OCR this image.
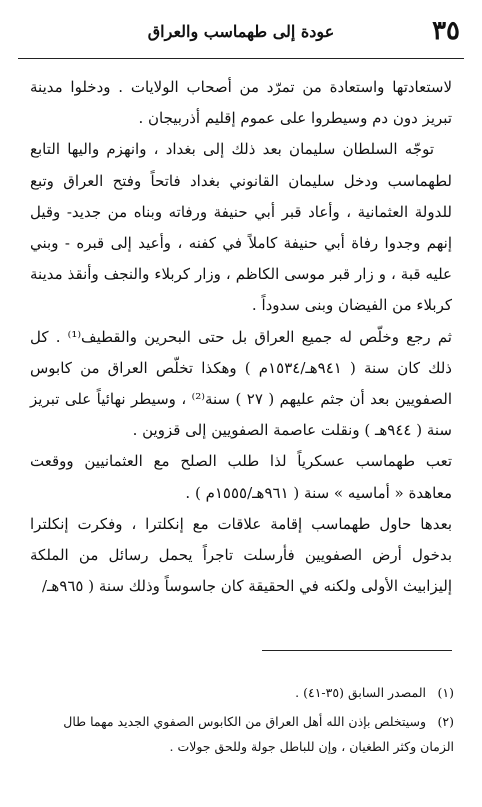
٣٥
عودة إلى طهماسب والعراق

لاستعادتها واستعادة من تمرّد من أصحاب الولايات . ودخلوا مدينة تبريز دون دم وسيطروا على عموم إقليم أذربيجان .

توجّه السلطان سليمان بعد ذلك إلى بغداد ، وانهزم واليها التابع لطهماسب ودخل سليمان القانوني بغداد فاتحاً وفتح العراق وتبع للدولة العثمانية ، وأعاد قبر أبي حنيفة ورفاته وبناه من جديد- وقيل إنهم وجدوا رفاة أبي حنيفة كاملاً في كفنه ، وأعيد إلى قبره - وبني عليه قبة ، و زار قبر موسى الكاظم ، وزار كربلاء والنجف وأنقذ مدينة كربلاء من الفيضان وبنى سدوداً .

ثم رجع وخلّص له جميع العراق بل حتى البحرين والقطيف⁽¹⁾ . كل ذلك كان سنة ( ٩٤١هـ/١٥٣٤م ) وهكذا تخلّص العراق من كابوس الصفويين بعد أن جثم عليهم ( ٢٧ ) سنة⁽²⁾ ، وسيطر نهائياً على تبريز سنة ( ٩٤٤هـ ) ونقلت عاصمة الصفويين إلى قزوين .

تعب طهماسب عسكرياً لذا طلب الصلح مع العثمانيين ووقعت معاهدة « أماسيه » سنة ( ٩٦١هـ/١٥٥٥م ) .

بعدها حاول طهماسب إقامة علاقات مع إنكلترا ، وفكرت إنكلترا بدخول أرض الصفويين فأرسلت تاجراً يحمل رسائل من الملكة إليزابيث الأولى ولكنه في الحقيقة كان جاسوساً وذلك سنة ( ٩٦٥هـ/

(١) المصدر السابق (٣٥-٤١) .

(٢) وسيتخلص بإذن الله أهل العراق من الكابوس الصفوي الجديد مهما طال الزمان وكثر الطغيان ، وإن للباطل جولة وللحق جولات .
